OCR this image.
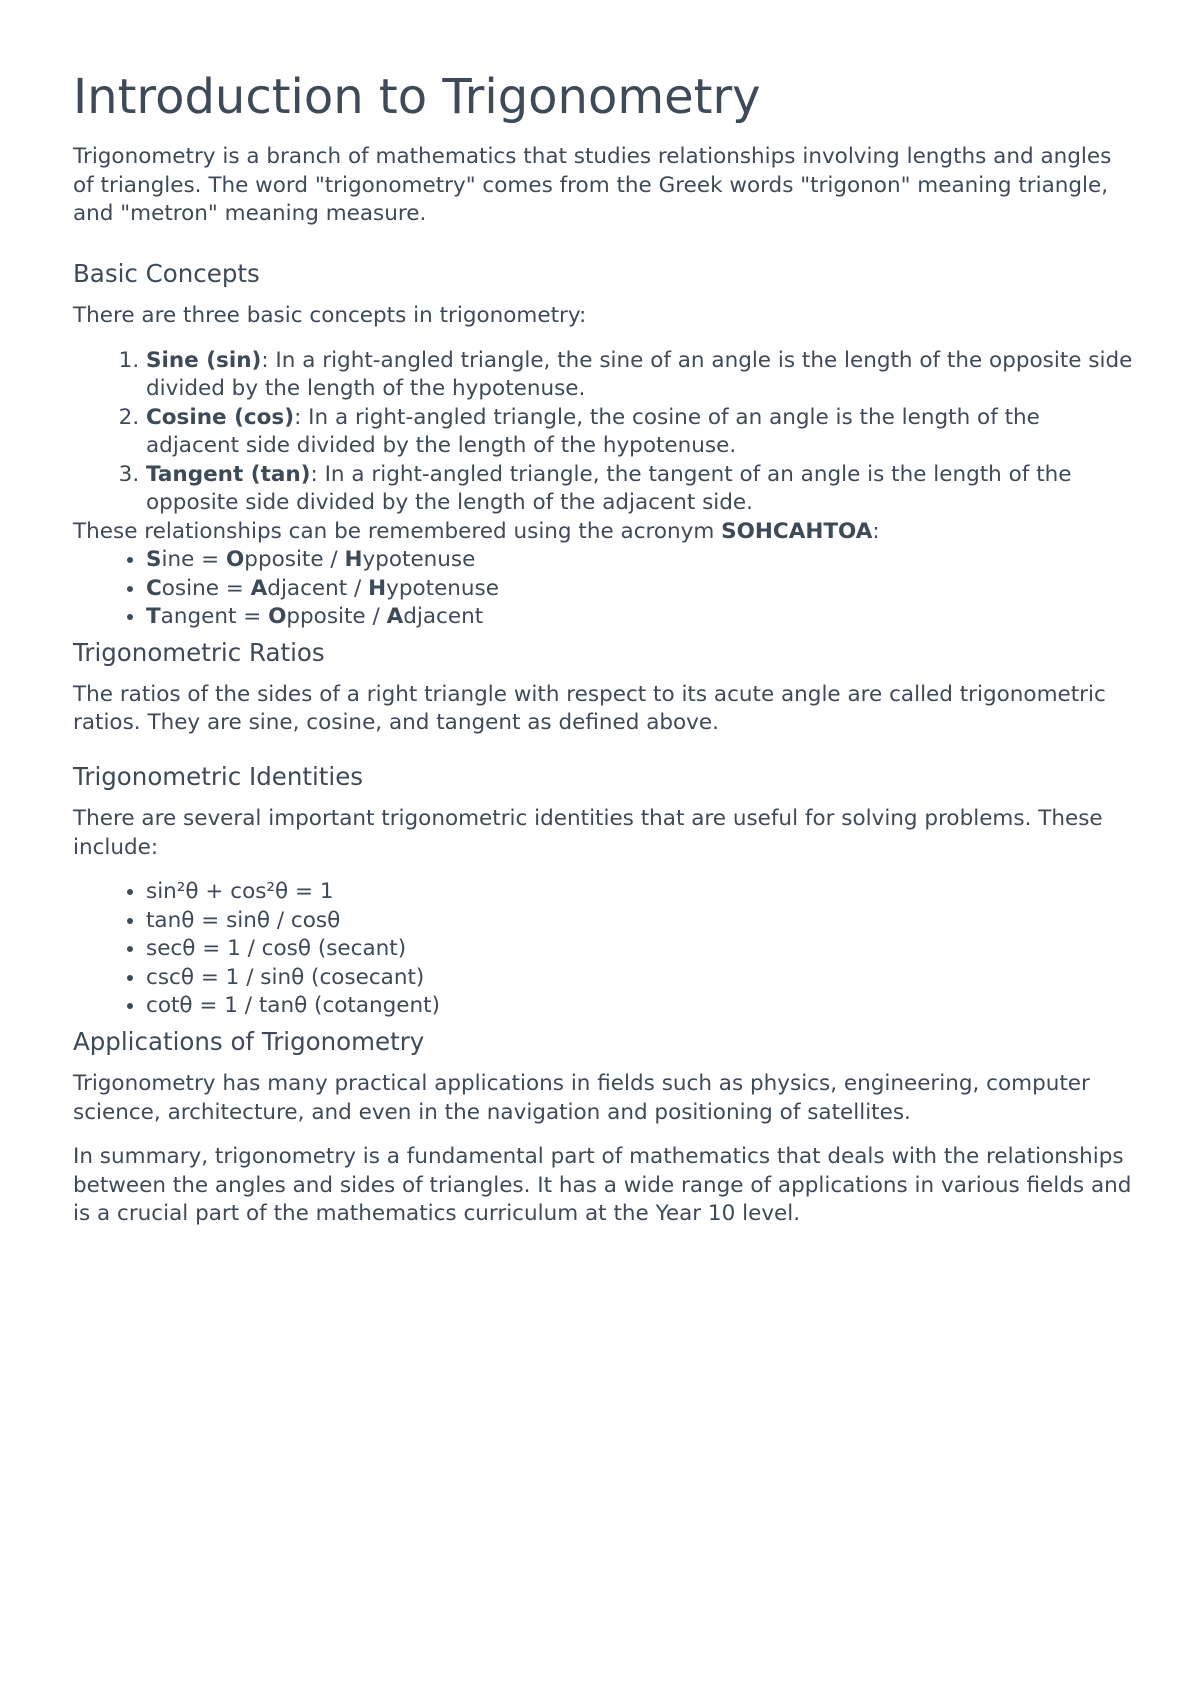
Introduction to Trigonometry

Trigonometry is a branch of mathematics that studies relationships involving lengths and angles of triangles. The word "trigonometry" comes from the Greek words "trigonon" meaning triangle, and "metron" meaning measure.

Basic Concepts

There are three basic concepts in trigonometry:

1. Sine (sin): In a right-angled triangle, the sine of an angle is the length of the opposite side divided by the length of the hypotenuse.
2. Cosine (cos): In a right-angled triangle, the cosine of an angle is the length of the adjacent side divided by the length of the hypotenuse.
3. Tangent (tan): In a right-angled triangle, the tangent of an angle is the length of the opposite side divided by the length of the adjacent side.

These relationships can be remembered using the acronym SOHCAHTOA:

• Sine = Opposite / Hypotenuse
• Cosine = Adjacent / Hypotenuse
• Tangent = Opposite / Adjacent
Trigonometric Ratios

The ratios of the sides of a right triangle with respect to its acute angle are called trigonometric ratios. They are sine, cosine, and tangent as defined above.

Trigonometric Identities

There are several important trigonometric identities that are useful for solving problems. These include:

• sin²θ + cos²θ = 1
• tanθ = sinθ / cosθ
• secθ = 1 / cosθ (secant)
• cscθ = 1 / sinθ (cosecant)
• cotθ = 1 / tanθ (cotangent)
Applications of Trigonometry

Trigonometry has many practical applications in fields such as physics, engineering, computer science, architecture, and even in the navigation and positioning of satellites.

In summary, trigonometry is a fundamental part of mathematics that deals with the relationships between the angles and sides of triangles. It has a wide range of applications in various fields and is a crucial part of the mathematics curriculum at the Year 10 level.
